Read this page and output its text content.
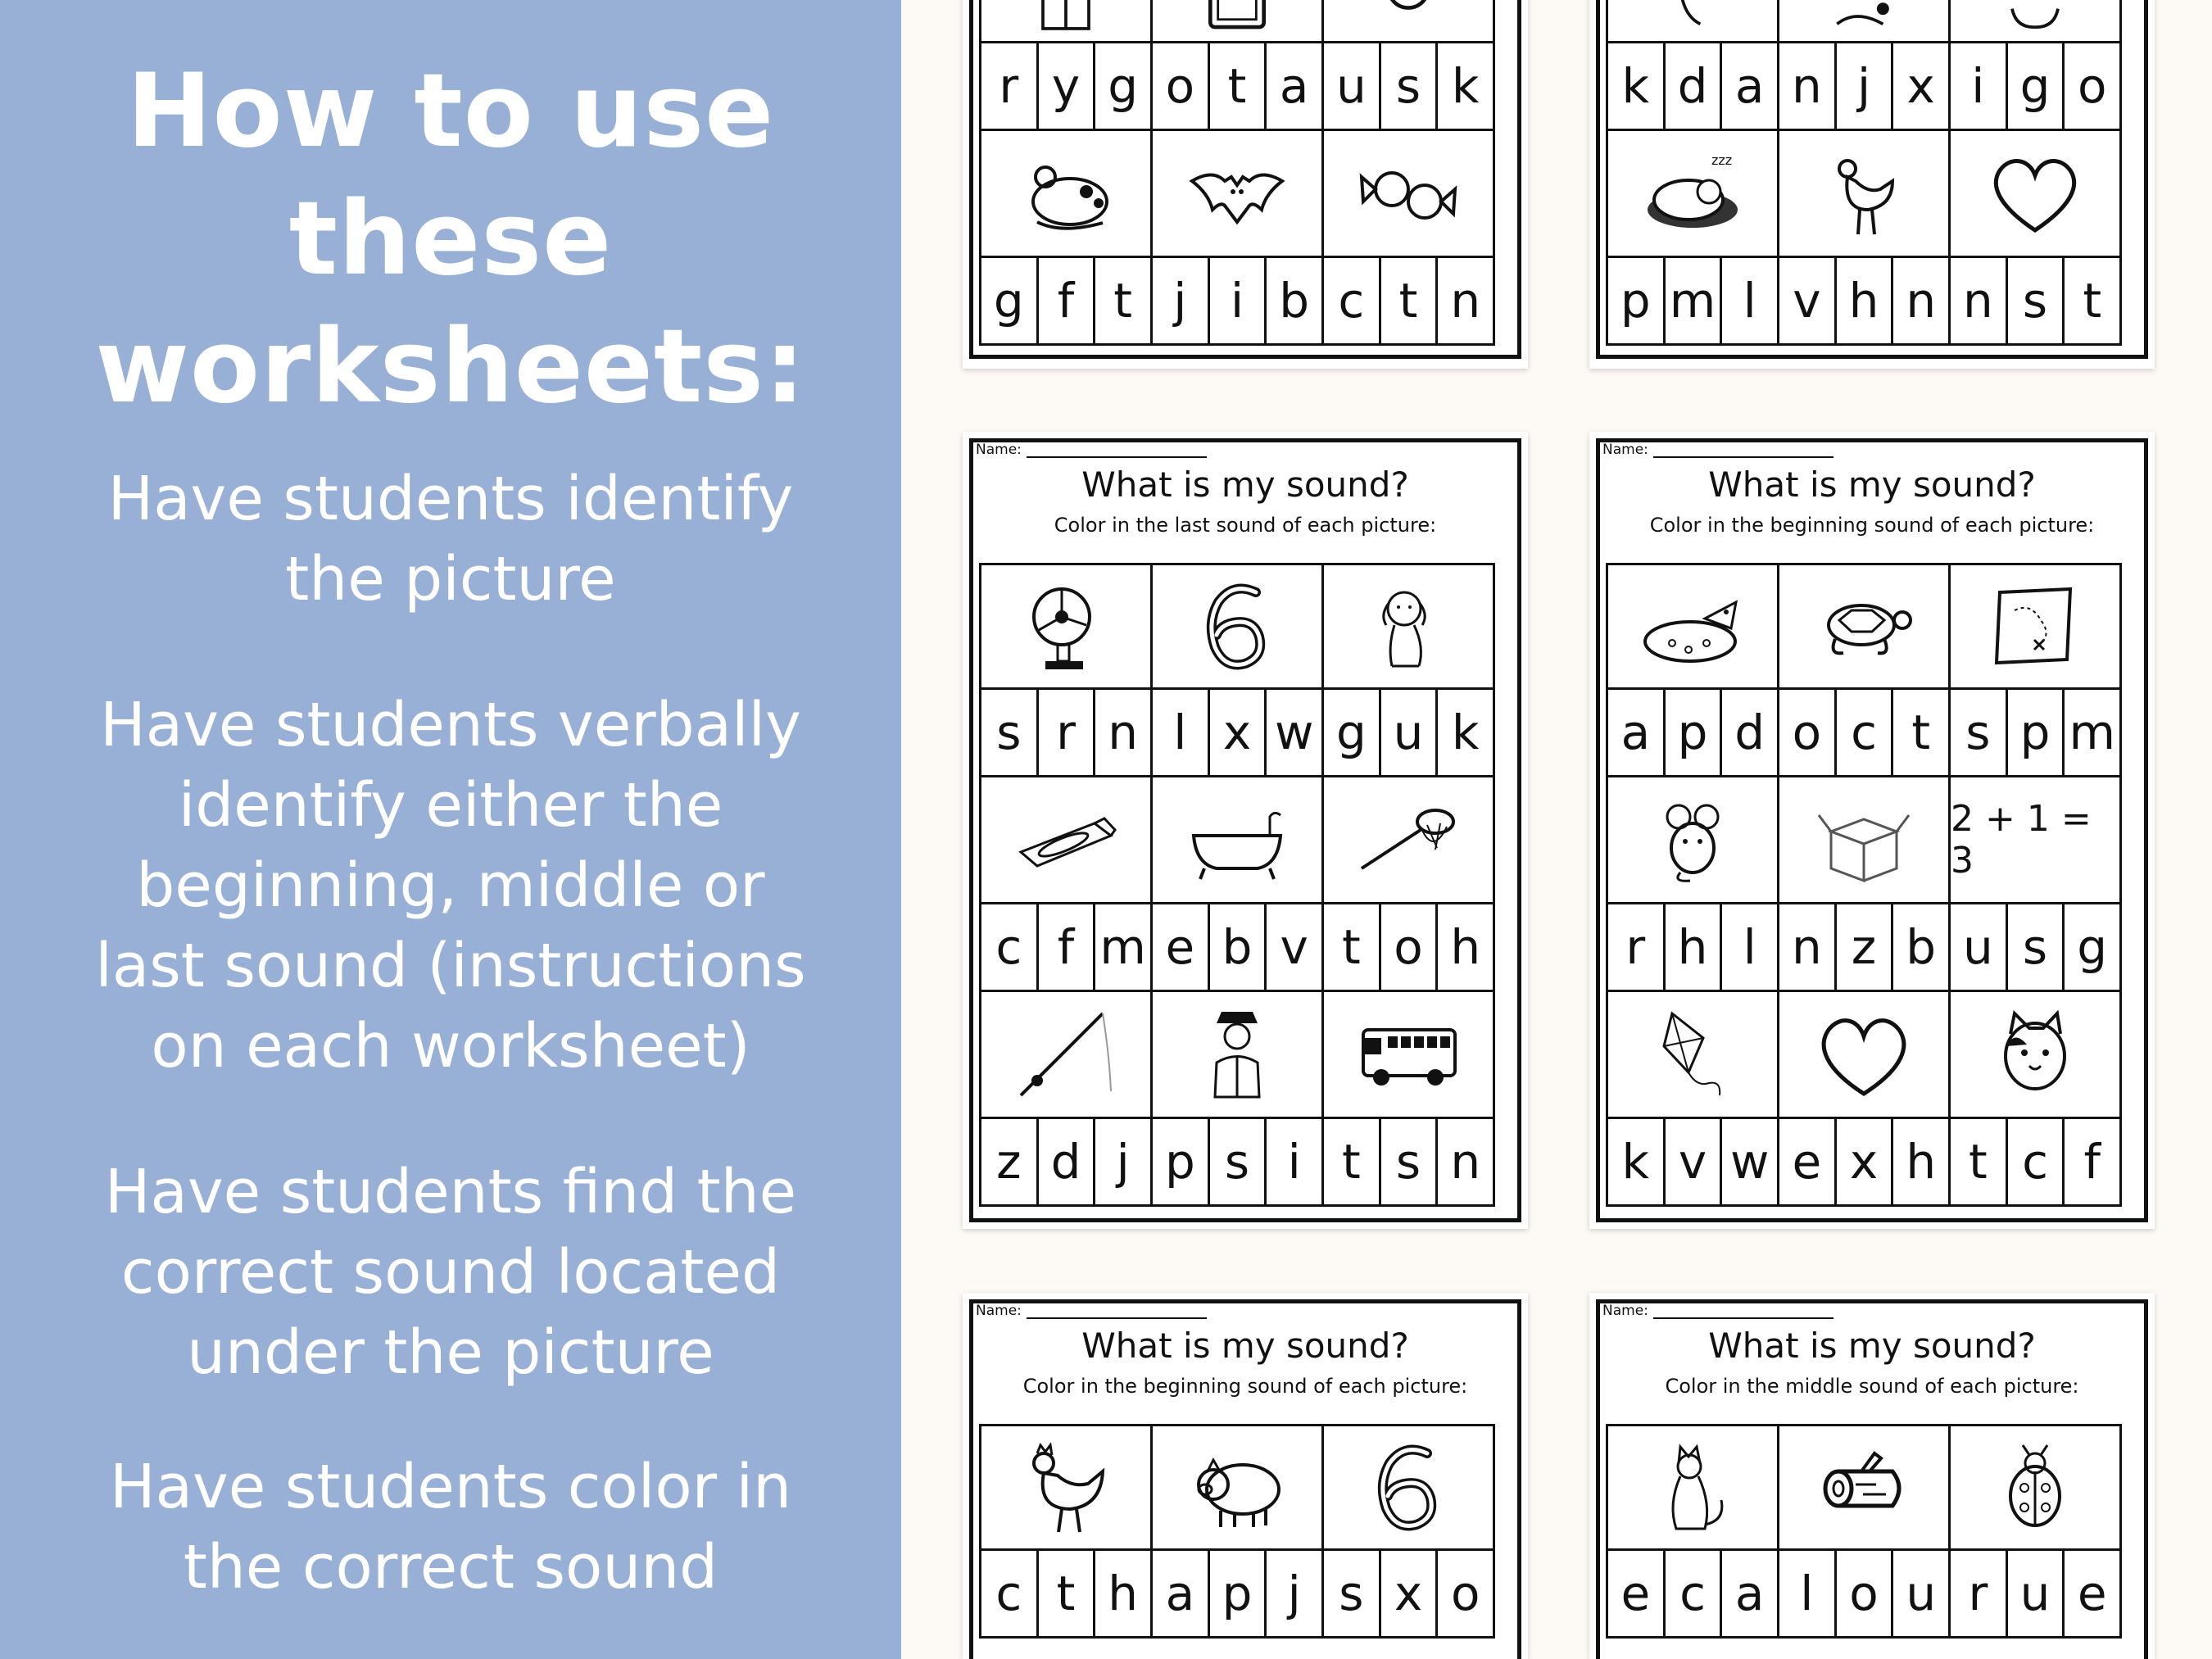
How to use
these
worksheets:
Have students identify
the picture
Have students verbally
identify either the
beginning, middle or
last sound (instructions
on each worksheet)
Have students find the
correct sound located
under the picture
Have students color in
the correct sound
r y g o t a u s k
g f t j i b c t n
k d a n j x i g o
zzz
p m l v h n n s t
Name:
What is my sound?
Color in the last sound of each picture:
s r n l x w g u k
c f m e b v t o h
z d j p s i t s n
Name:
What is my sound?
Color in the beginning sound of each picture:
a p d o c t s p m
2 + 1 = 3
r h l n z b u s g
k v w e x h t c f
Name:
What is my sound?
Color in the beginning sound of each picture:
c t h a p j s x o
Name:
What is my sound?
Color in the middle sound of each picture:
e c a l o u r u e
